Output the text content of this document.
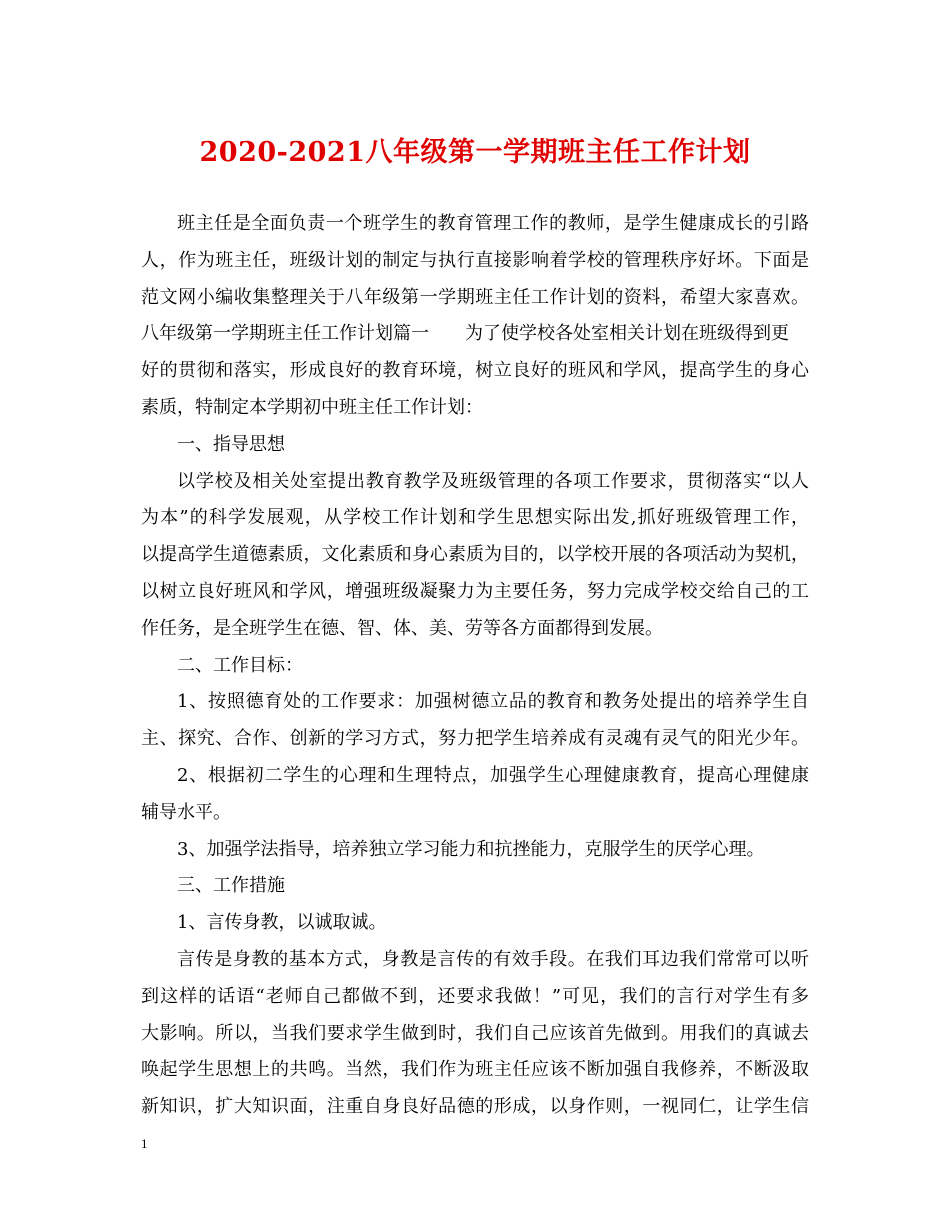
2020-2021八年级第一学期班主任工作计划
班主任是全面负责一个班学生的教育管理工作的教师，是学生健康成长的引路
人，作为班主任，班级计划的制定与执行直接影响着学校的管理秩序好坏。下面是
范文网小编收集整理关于八年级第一学期班主任工作计划的资料，希望大家喜欢。
八年级第一学期班主任工作计划篇一 为了使学校各处室相关计划在班级得到更
好的贯彻和落实，形成良好的教育环境，树立良好的班风和学风，提高学生的身心
素质，特制定本学期初中班主任工作计划：
一、指导思想
以学校及相关处室提出教育教学及班级管理的各项工作要求，贯彻落实“以人
为本”的科学发展观，从学校工作计划和学生思想实际出发,抓好班级管理工作，
以提高学生道德素质，文化素质和身心素质为目的，以学校开展的各项活动为契机，
以树立良好班风和学风，增强班级凝聚力为主要任务，努力完成学校交给自己的工
作任务，是全班学生在德、智、体、美、劳等各方面都得到发展。
二、工作目标：
1、按照德育处的工作要求：加强树德立品的教育和教务处提出的培养学生自
主、探究、合作、创新的学习方式，努力把学生培养成有灵魂有灵气的阳光少年。
2、根据初二学生的心理和生理特点，加强学生心理健康教育，提高心理健康
辅导水平。
3、加强学法指导，培养独立学习能力和抗挫能力，克服学生的厌学心理。
三、工作措施
1、言传身教，以诚取诚。
言传是身教的基本方式，身教是言传的有效手段。在我们耳边我们常常可以听
到这样的话语“老师自己都做不到，还要求我做！”可见，我们的言行对学生有多
大影响。所以，当我们要求学生做到时，我们自己应该首先做到。用我们的真诚去
唤起学生思想上的共鸣。当然，我们作为班主任应该不断加强自我修养，不断汲取
新知识，扩大知识面，注重自身良好品德的形成，以身作则，一视同仁，让学生信
1
